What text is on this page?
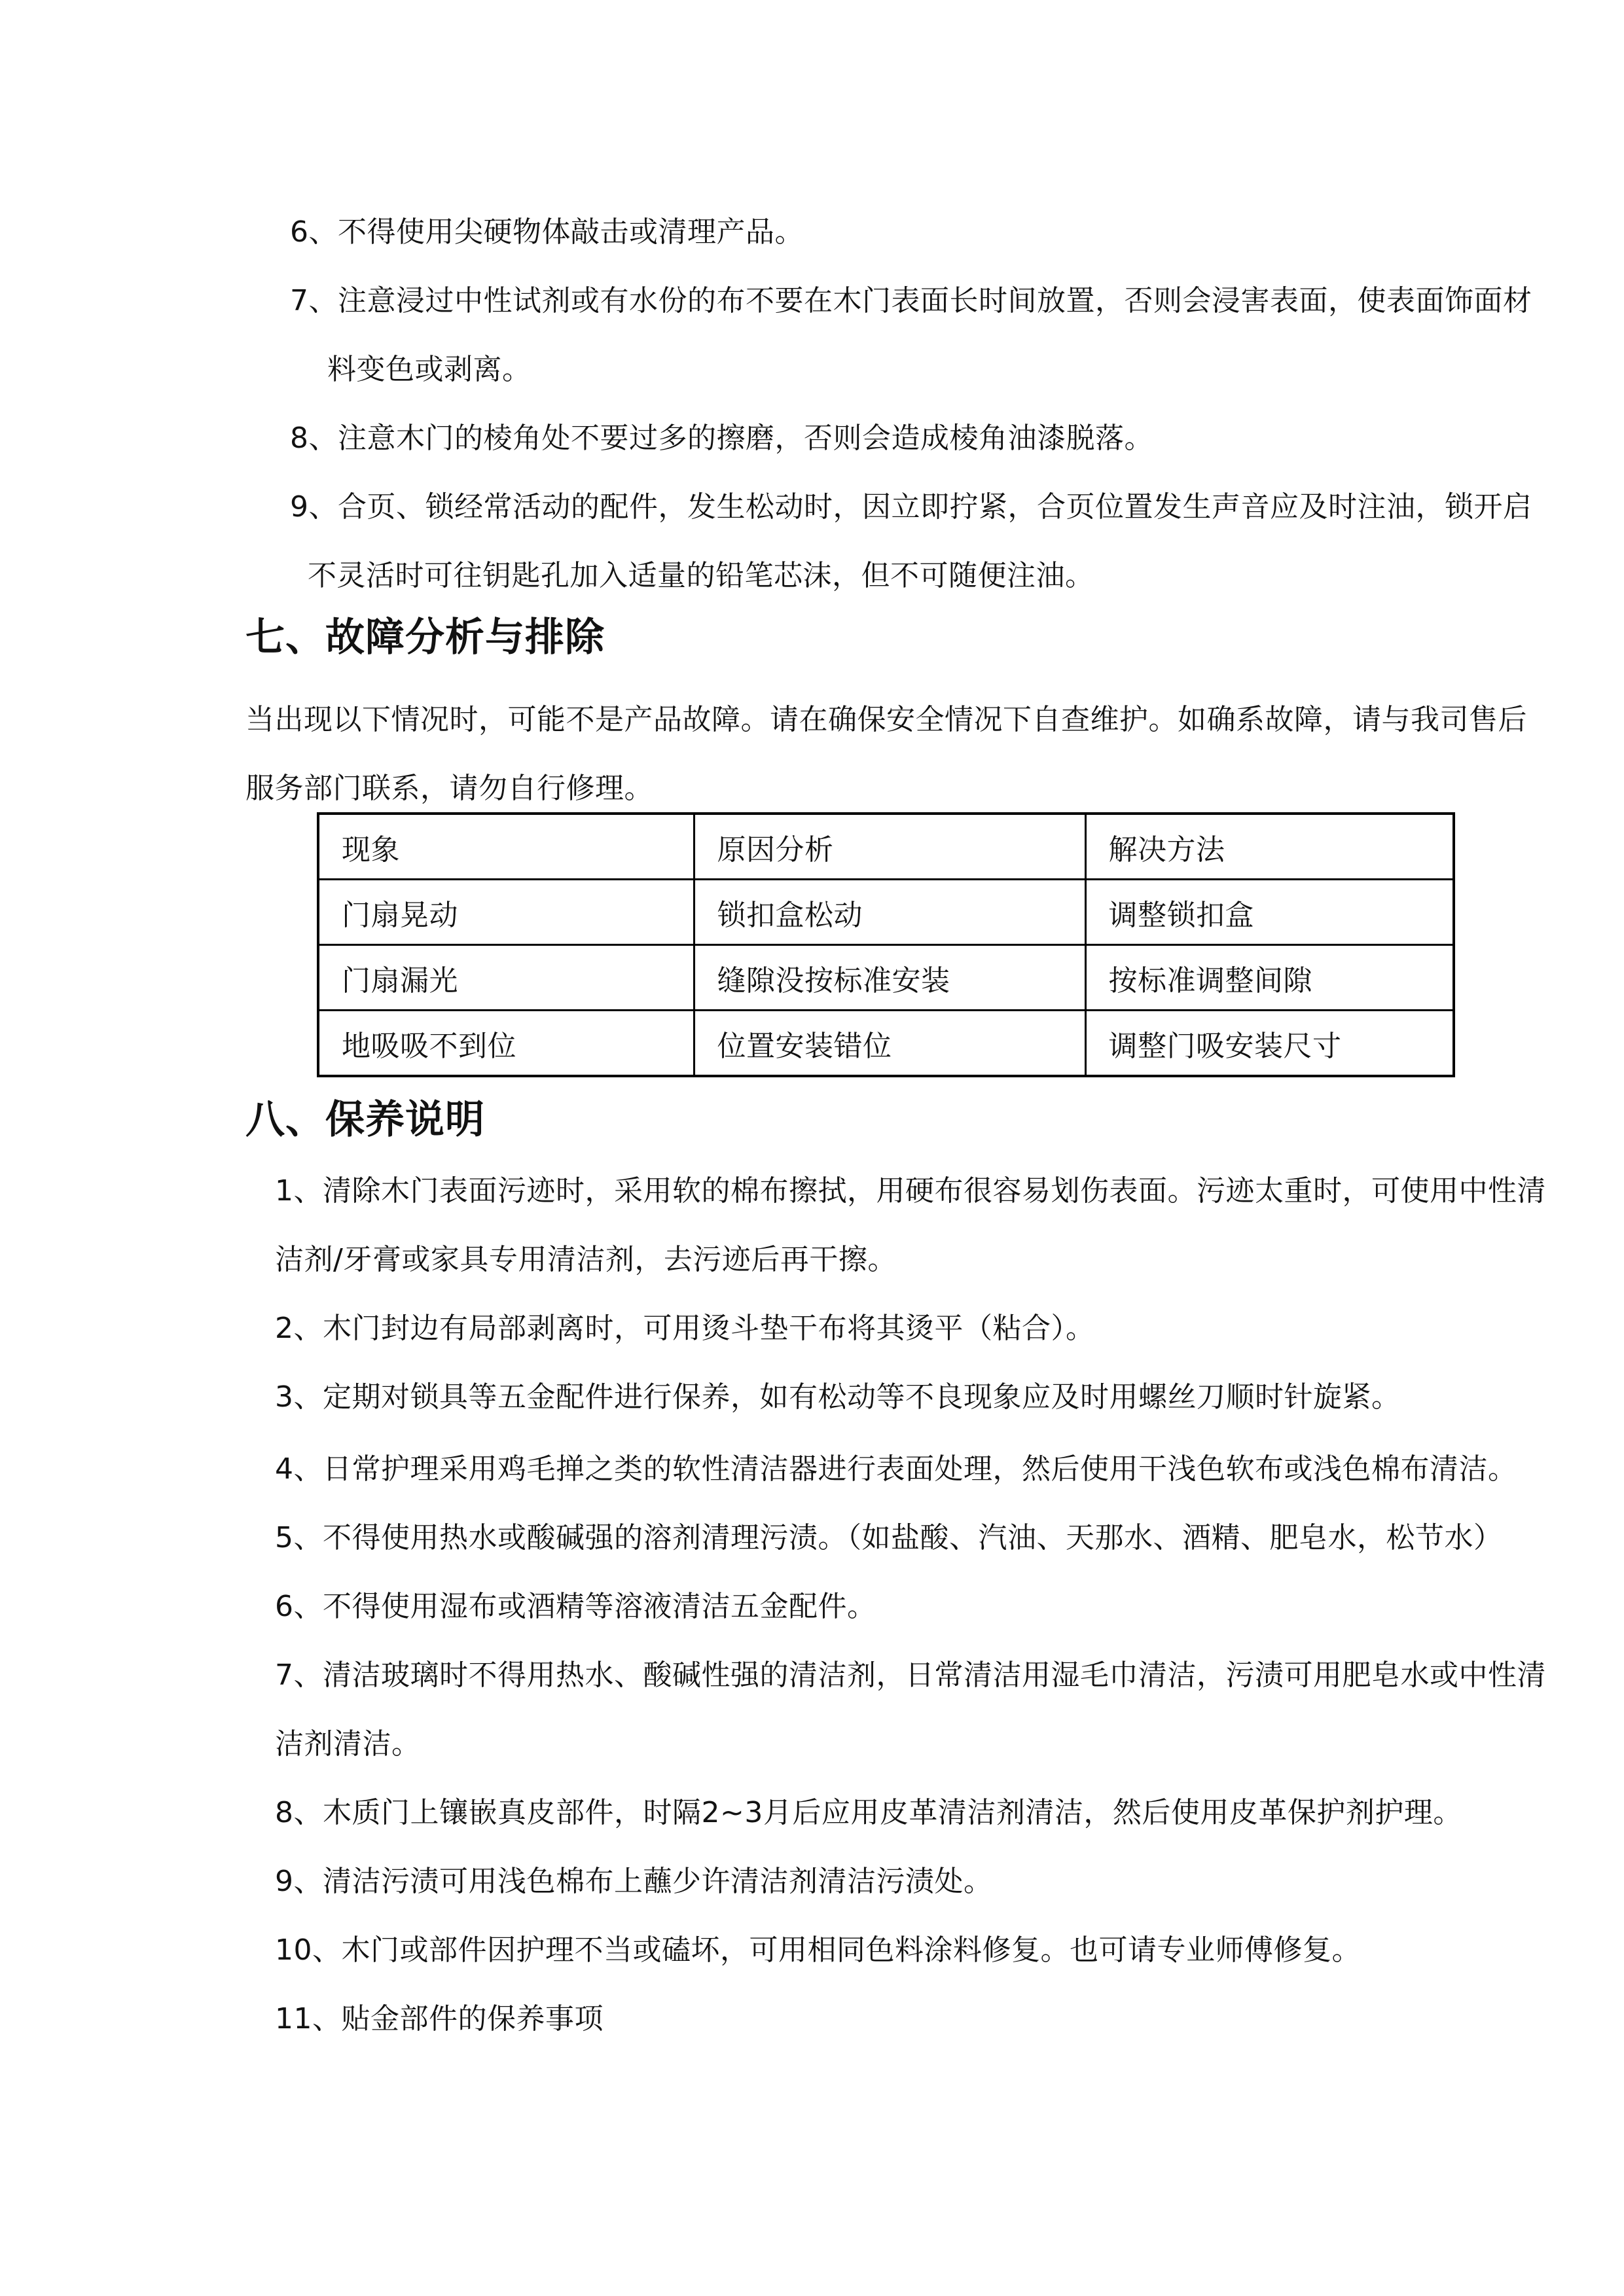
6、不得使用尖硬物体敲击或清理产品。
7、注意浸过中性试剂或有水份的布不要在木门表面长时间放置，否则会浸害表面，使表面饰面材
料变色或剥离。
8、注意木门的棱角处不要过多的擦磨，否则会造成棱角油漆脱落。
9、合页、锁经常活动的配件，发生松动时，因立即拧紧，合页位置发生声音应及时注油，锁开启
不灵活时可往钥匙孔加入适量的铅笔芯沫，但不可随便注油。
七、故障分析与排除
当出现以下情况时，可能不是产品故障。请在确保安全情况下自查维护。如确系故障，请与我司售后
服务部门联系，请勿自行修理。
现象	原因分析	解决方法
门扇晃动	锁扣盒松动	调整锁扣盒
门扇漏光	缝隙没按标准安装	按标准调整间隙
地吸吸不到位	位置安装错位	调整门吸安装尺寸
八、保养说明
1、清除木门表面污迹时，采用软的棉布擦拭，用硬布很容易划伤表面。污迹太重时，可使用中性清
洁剂/牙膏或家具专用清洁剂，去污迹后再干擦。
2、木门封边有局部剥离时，可用烫斗垫干布将其烫平（粘合）。
3、定期对锁具等五金配件进行保养，如有松动等不良现象应及时用螺丝刀顺时针旋紧。
4、日常护理采用鸡毛掸之类的软性清洁器进行表面处理，然后使用干浅色软布或浅色棉布清洁。
5、不得使用热水或酸碱强的溶剂清理污渍。（如盐酸、汽油、天那水、酒精、肥皂水，松节水）
6、不得使用湿布或酒精等溶液清洁五金配件。
7、清洁玻璃时不得用热水、酸碱性强的清洁剂，日常清洁用湿毛巾清洁，污渍可用肥皂水或中性清
洁剂清洁。
8、木质门上镶嵌真皮部件，时隔2~3月后应用皮革清洁剂清洁，然后使用皮革保护剂护理。
9、清洁污渍可用浅色棉布上蘸少许清洁剂清洁污渍处。
10、木门或部件因护理不当或磕坏，可用相同色料涂料修复。也可请专业师傅修复。
11、贴金部件的保养事项
